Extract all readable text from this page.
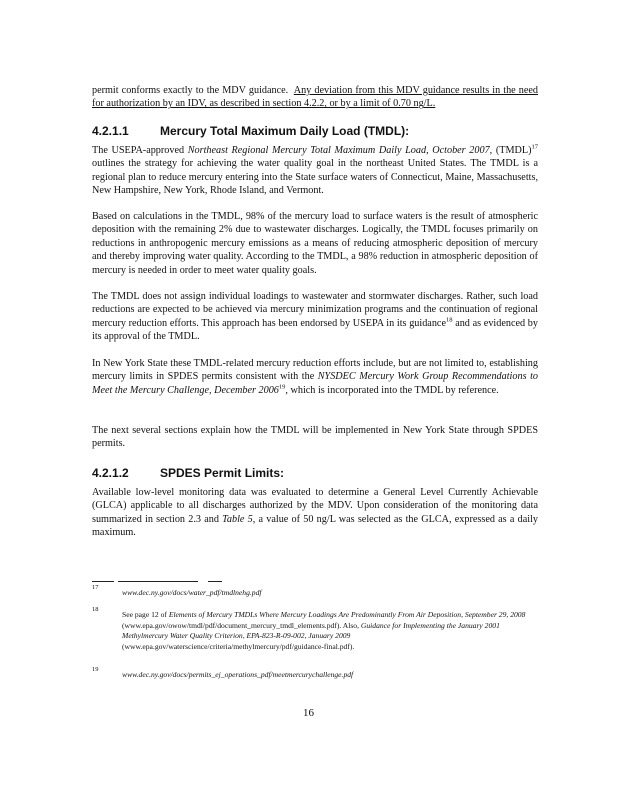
permit conforms exactly to the MDV guidance. Any deviation from this MDV guidance results in the need for authorization by an IDV, as described in section 4.2.2, or by a limit of 0.70 ng/L.
4.2.1.1	Mercury Total Maximum Daily Load (TMDL):
The USEPA-approved Northeast Regional Mercury Total Maximum Daily Load, October 2007, (TMDL)$^{17}$ outlines the strategy for achieving the water quality goal in the northeast United States. The TMDL is a regional plan to reduce mercury entering into the State surface waters of Connecticut, Maine, Massachusetts, New Hampshire, New York, Rhode Island, and Vermont.
Based on calculations in the TMDL, 98% of the mercury load to surface waters is the result of atmospheric deposition with the remaining 2% due to wastewater discharges. Logically, the TMDL focuses primarily on reductions in anthropogenic mercury emissions as a means of reducing atmospheric deposition of mercury and thereby improving water quality. According to the TMDL, a 98% reduction in atmospheric deposition of mercury is needed in order to meet water quality goals.
The TMDL does not assign individual loadings to wastewater and stormwater discharges. Rather, such load reductions are expected to be achieved via mercury minimization programs and the continuation of regional mercury reduction efforts. This approach has been endorsed by USEPA in its guidance$^{18}$ and as evidenced by its approval of the TMDL.
In New York State these TMDL-related mercury reduction efforts include, but are not limited to, establishing mercury limits in SPDES permits consistent with the NYSDEC Mercury Work Group Recommendations to Meet the Mercury Challenge, December 2006$^{19}$, which is incorporated into the TMDL by reference.
The next several sections explain how the TMDL will be implemented in New York State through SPDES permits.
4.2.1.2	SPDES Permit Limits:
Available low-level monitoring data was evaluated to determine a General Level Currently Achievable (GLCA) applicable to all discharges authorized by the MDV. Upon consideration of the monitoring data summarized in section 2.3 and Table 5, a value of 50 ng/L was selected as the GLCA, expressed as a daily maximum.
17
www.dec.ny.gov/docs/water_pdf/tmdlnehg.pdf
18
See page 12 of Elements of Mercury TMDLs Where Mercury Loadings Are Predominantly From Air Deposition, September 29, 2008 (www.epa.gov/owow/tmdl/pdf/document_mercury_tmdl_elements.pdf). Also, Guidance for Implementing the January 2001 Methylmercury Water Quality Criterion, EPA-823-R-09-002, January 2009 (www.epa.gov/waterscience/criteria/methylmercury/pdf/guidance-final.pdf).
19
www.dec.ny.gov/docs/permits_ej_operations_pdf/meetmercurychallenge.pdf
16
